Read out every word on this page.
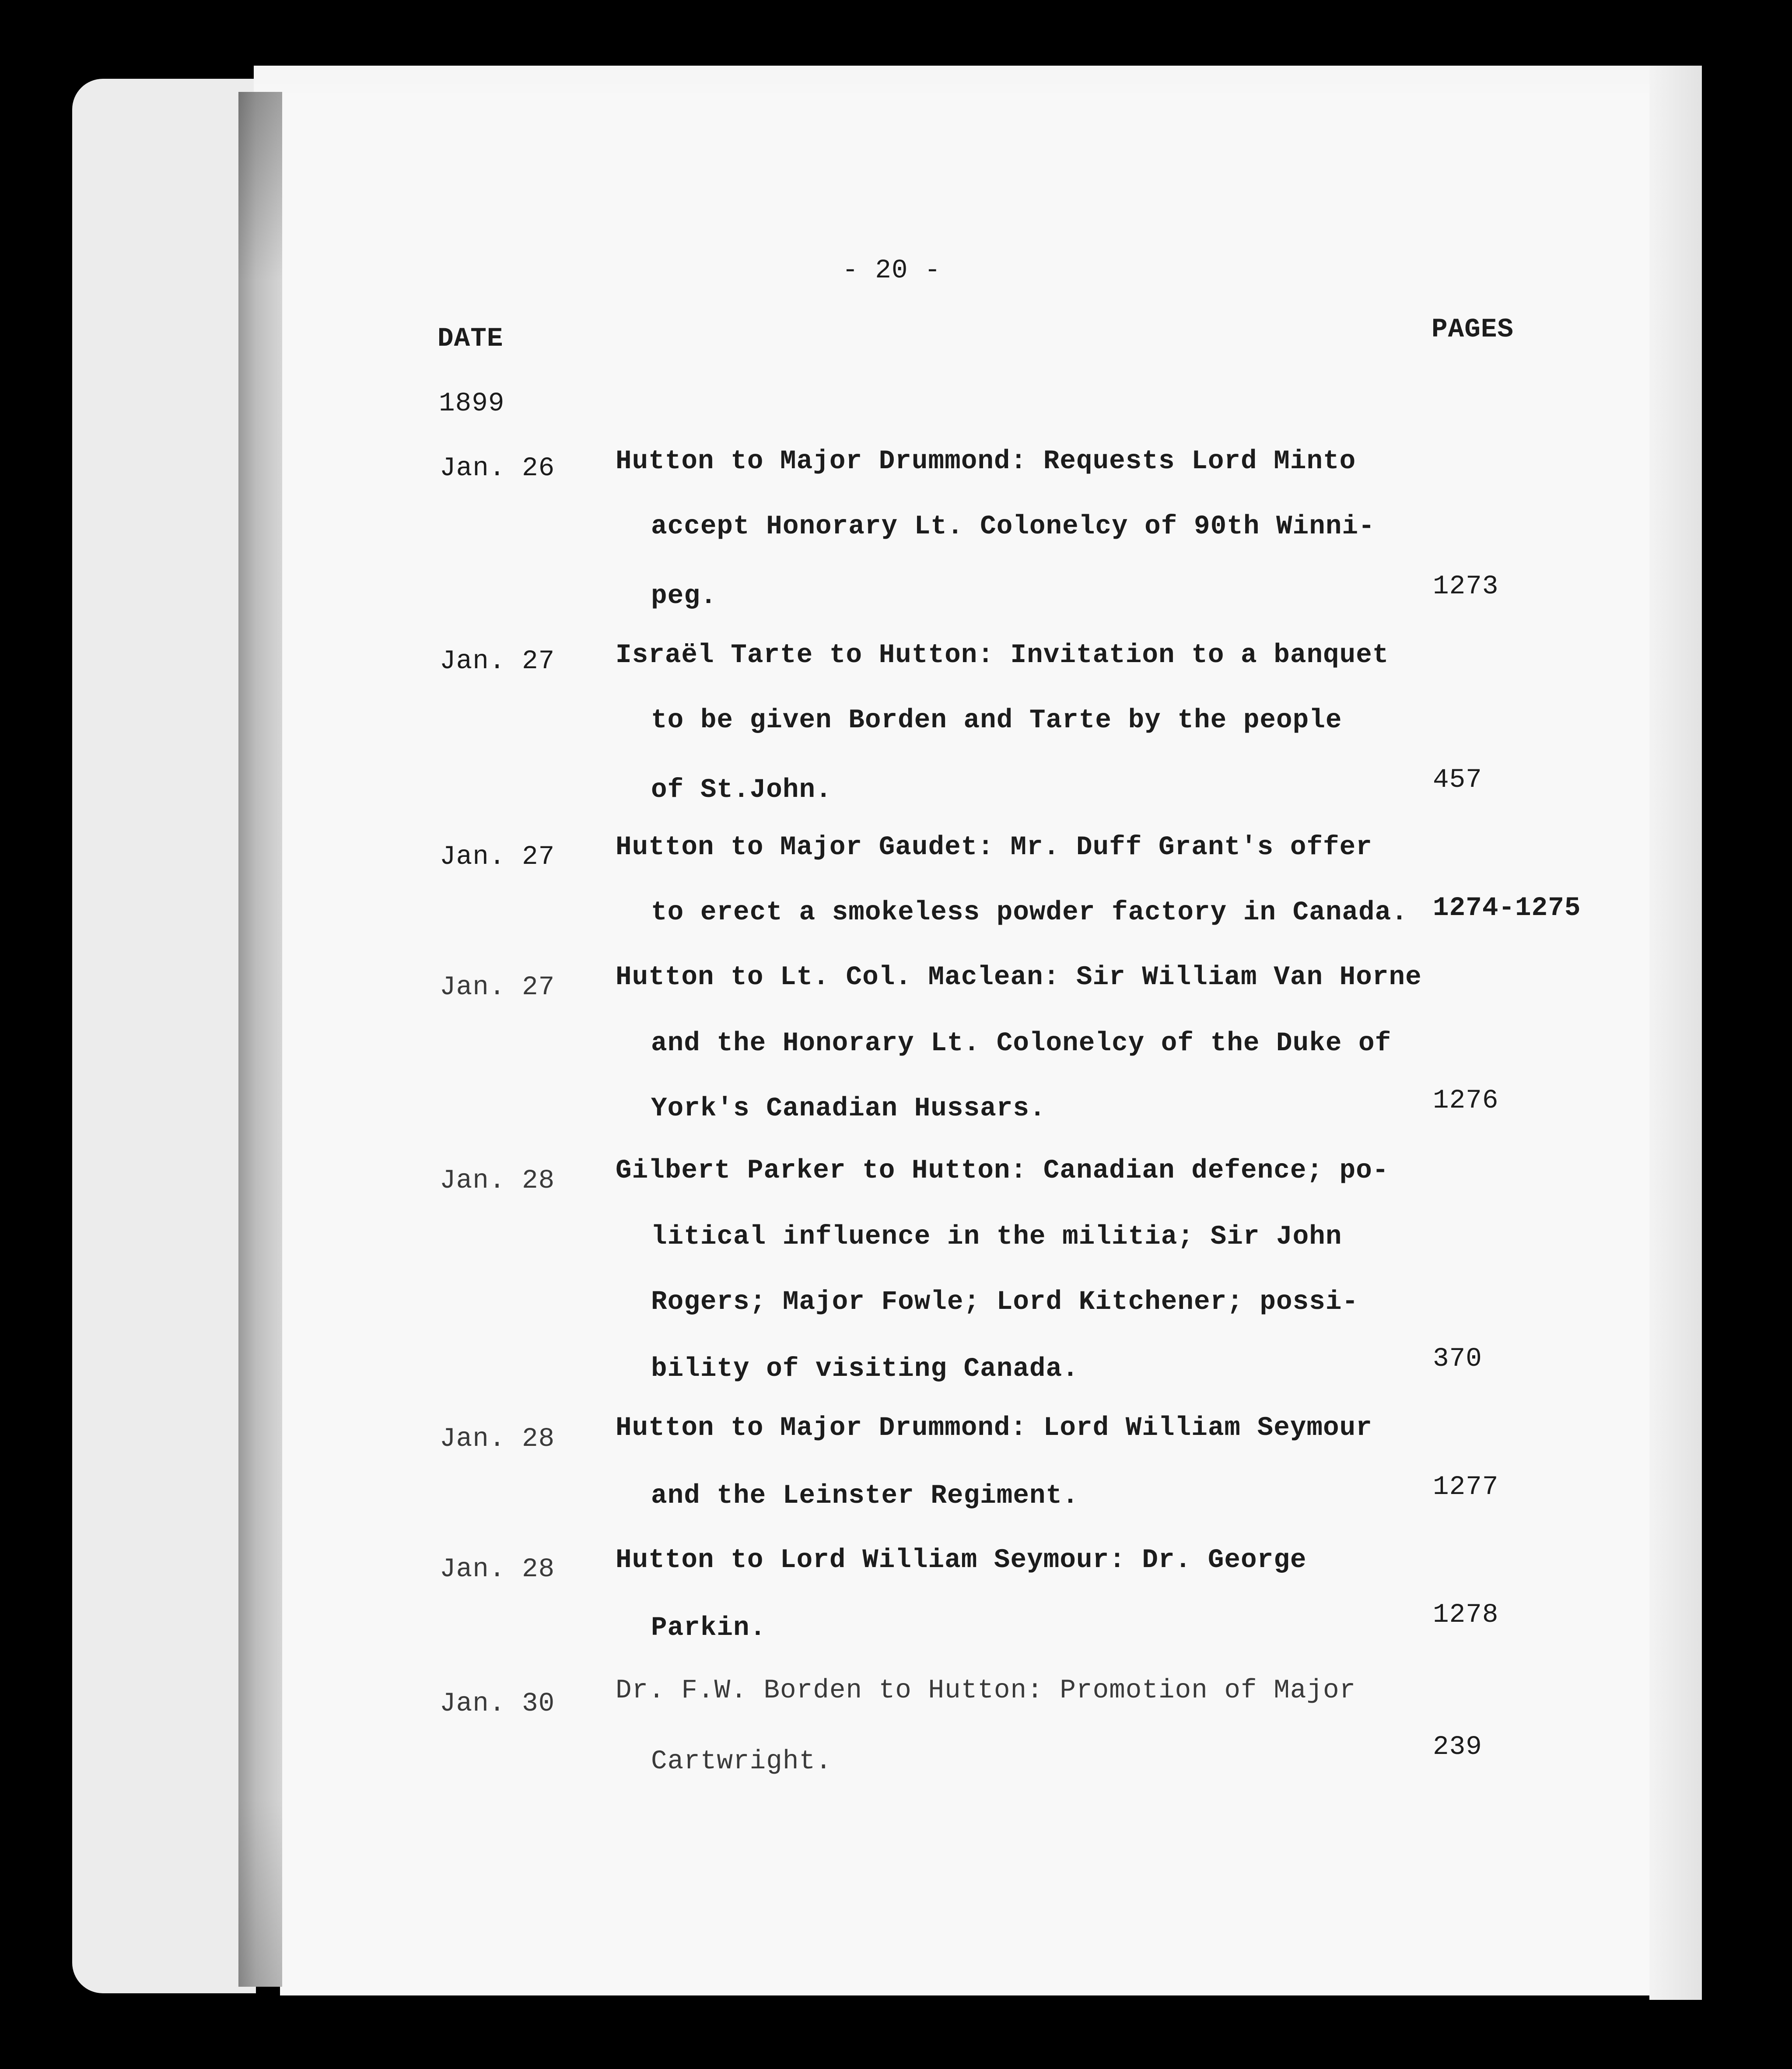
- 20 -
DATE	PAGES
1899
Jan. 26 Hutton to Major Drummond: Requests Lord Minto
accept Honorary Lt. Colonelcy of 90th Winni-
peg.	1273
Jan. 27 Israël Tarte to Hutton: Invitation to a banquet
to be given Borden and Tarte by the people
of St.John.	457
Jan. 27 Hutton to Major Gaudet: Mr. Duff Grant's offer
to erect a smokeless powder factory in Canada. 1274-1275
Jan. 27 Hutton to Lt. Col. Maclean: Sir William Van Horne
and the Honorary Lt. Colonelcy of the Duke of
York's Canadian Hussars.	1276
Jan. 28 Gilbert Parker to Hutton: Canadian defence; po-
litical influence in the militia; Sir John
Rogers; Major Fowle; Lord Kitchener; possi-
bility of visiting Canada.	370
Jan. 28 Hutton to Major Drummond: Lord William Seymour
and the Leinster Regiment.	1277
Jan. 28 Hutton to Lord William Seymour: Dr. George
Parkin.	1278
Jan. 30 Dr. F.W. Borden to Hutton: Promotion of Major
Cartwright.	239
